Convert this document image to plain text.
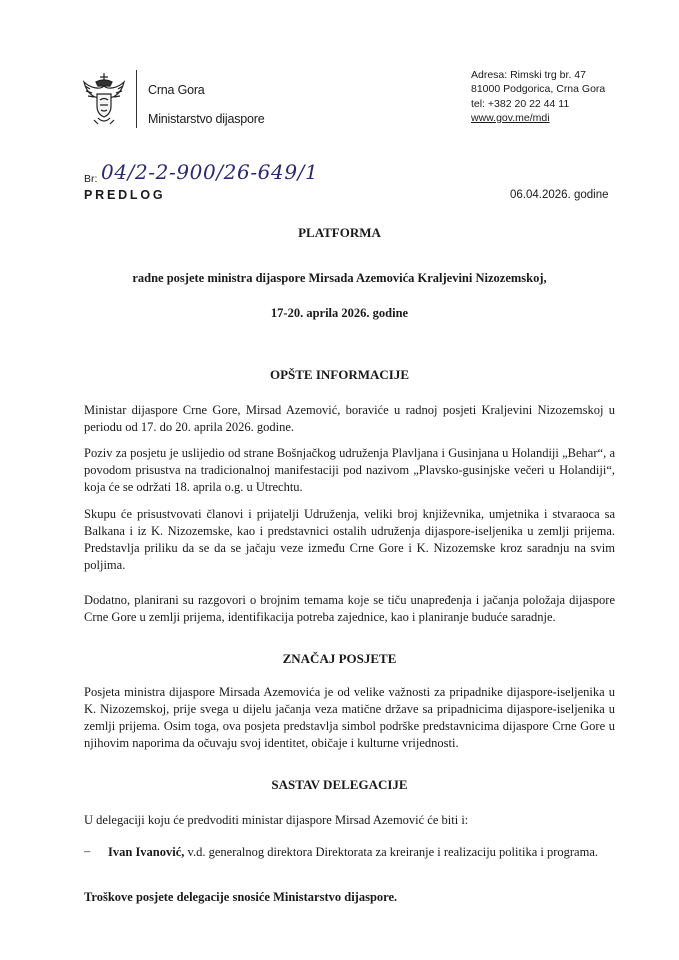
Crna Gora
Ministarstvo dijaspore
Adresa: Rimski trg br. 47
81000 Podgorica, Crna Gora
tel: +382 20 22 44 11
www.gov.me/mdi
Br: 04/2-2-900/26-649/1
PREDLOG	06.04.2026. godine
PLATFORMA
radne posjete ministra dijaspore Mirsada Azemovića Kraljevini Nizozemskoj,
17-20. aprila 2026. godine
OPŠTE INFORMACIJE
Ministar dijaspore Crne Gore, Mirsad Azemović, boraviće u radnoj posjeti Kraljevini Nizozemskoj u periodu od 17. do 20. aprila 2026. godine.
Poziv za posjetu je uslijedio od strane Bošnjačkog udruženja Plavljana i Gusinjana u Holandiji „Behar“, a povodom prisustva na tradicionalnoj manifestaciji pod nazivom „Plavsko-gusinjske večeri u Holandiji“, koja će se održati 18. aprila o.g. u Utrechtu.
Skupu će prisustvovati članovi i prijatelji Udruženja, veliki broj književnika, umjetnika i stvaraoca sa Balkana i iz K. Nizozemske, kao i predstavnici ostalih udruženja dijaspore-iseljenika u zemlji prijema. Predstavlja priliku da se da se jačaju veze između Crne Gore i K. Nizozemske kroz saradnju na svim poljima.
Dodatno, planirani su razgovori o brojnim temama koje se tiču unapređenja i jačanja položaja dijaspore Crne Gore u zemlji prijema, identifikacija potreba zajednice, kao i planiranje buduće saradnje.
ZNAČAJ POSJETE
Posjeta ministra dijaspore Mirsada Azemovića je od velike važnosti za pripadnike dijaspore-iseljenika u K. Nizozemskoj, prije svega u dijelu jačanja veza matične države sa pripadnicima dijaspore-iseljenika u zemlji prijema. Osim toga, ova posjeta predstavlja simbol podrške predstavnicima dijaspore Crne Gore u njihovim naporima da očuvaju svoj identitet, običaje i kulturne vrijednosti.
SASTAV DELEGACIJE
U delegaciji koju će predvoditi ministar dijaspore Mirsad Azemović će biti i:
– Ivan Ivanović, v.d. generalnog direktora Direktorata za kreiranje i realizaciju politika i programa.
Troškove posjete delegacije snosiće Ministarstvo dijaspore.
